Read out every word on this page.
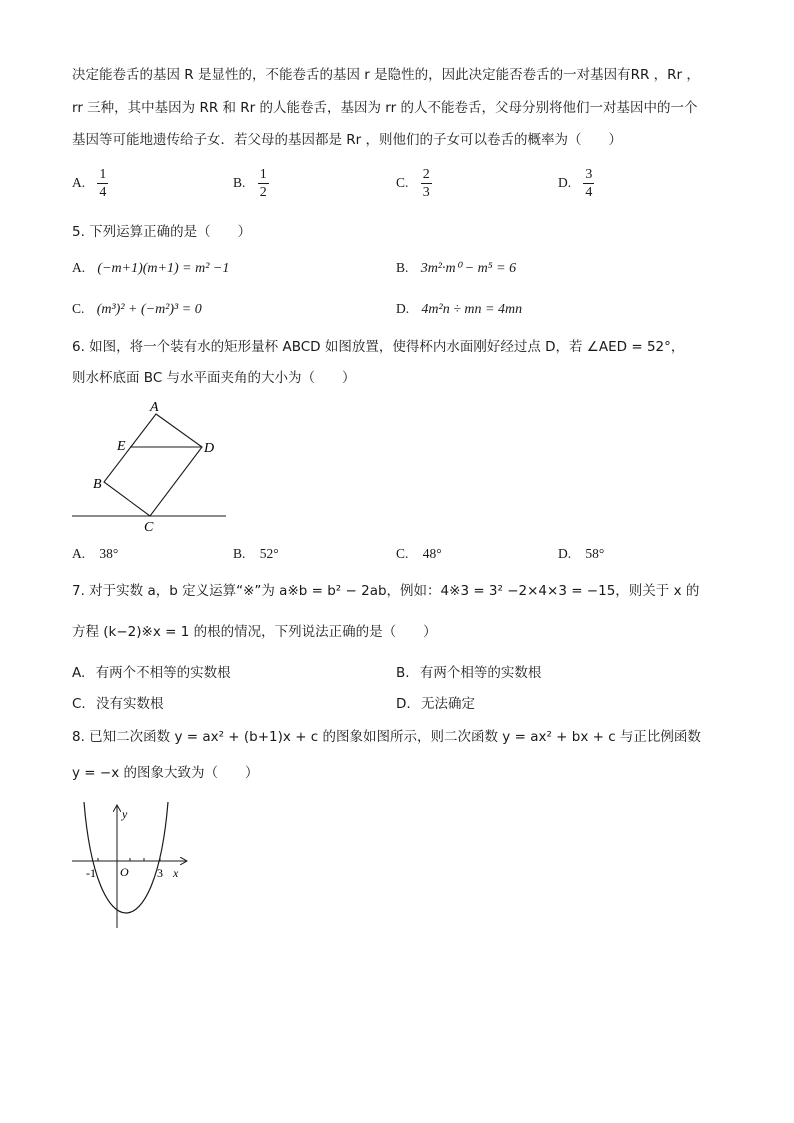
决定能卷舌的基因 R 是显性的，不能卷舌的基因 r 是隐性的，因此决定能否卷舌的一对基因有RR ，Rr ，
rr 三种，其中基因为 RR 和 Rr 的人能卷舌，基因为 rr 的人不能卷舌，父母分别将他们一对基因中的一个
基因等可能地遗传给子女．若父母的基因都是 Rr ，则他们的子女可以卷舌的概率为（　　）
A. $\frac{1}{4}$	B. $\frac{1}{2}$	C. $\frac{2}{3}$	D. $\frac{3}{4}$
5. 下列运算正确的是（　　）
A. (−m+1)(m+1) = m² −1	B. 3m²·m⁰ − m⁵ = 6
C. (m³)² + (−m²)³ = 0	D. 4m²n ÷ mn = 4mn
6. 如图，将一个装有水的矩形量杯 ABCD 如图放置，使得杯内水面刚好经过点 D，若 ∠AED = 52°，
则水杯底面 BC 与水平面夹角的大小为（　　）
A
E	D
B
C
A. 38°	B. 52°	C. 48°	D. 58°
7. 对于实数 a，b 定义运算“※”为 a※b = b² − 2ab，例如：4※3 = 3² −2×4×3 = −15，则关于 x 的
方程 (k−2)※x = 1 的根的情况，下列说法正确的是（　　）
A. 有两个不相等的实数根	B. 有两个相等的实数根
C. 没有实数根	D. 无法确定
8. 已知二次函数 y = ax² + (b+1)x + c 的图象如图所示，则二次函数 y = ax² + bx + c 与正比例函数
y = −x 的图象大致为（　　）
y
x
O
-1	3
